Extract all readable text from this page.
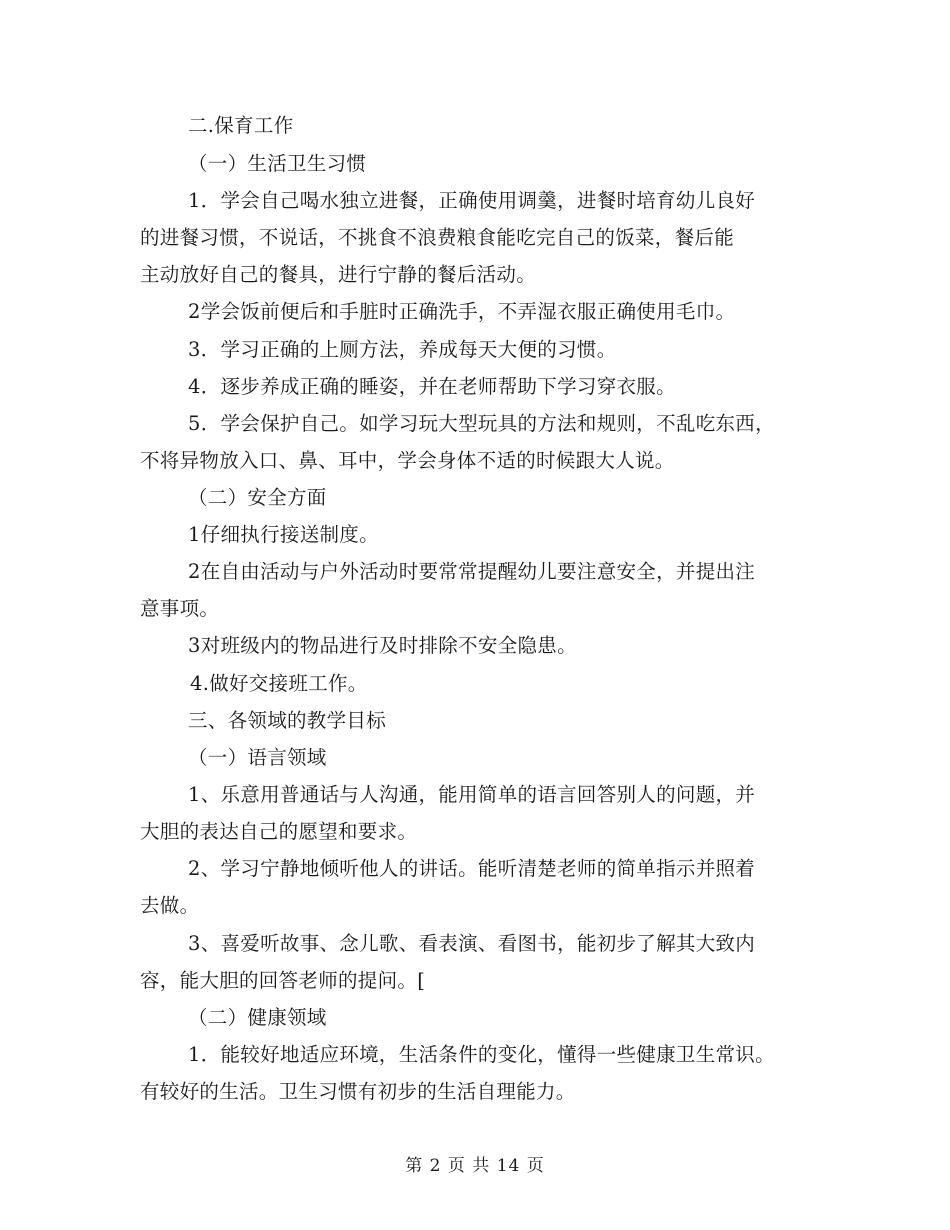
二.保育工作
（一）生活卫生习惯
1．学会自己喝水独立进餐，正确使用调羹，进餐时培育幼儿良好
的进餐习惯，不说话，不挑食不浪费粮食能吃完自己的饭菜，餐后能
主动放好自己的餐具，进行宁静的餐后活动。
2学会饭前便后和手脏时正确洗手，不弄湿衣服正确使用毛巾。
3．学习正确的上厕方法，养成每天大便的习惯。
4．逐步养成正确的睡姿，并在老师帮助下学习穿衣服。
5．学会保护自己。如学习玩大型玩具的方法和规则，不乱吃东西，
不将异物放入口、鼻、耳中，学会身体不适的时候跟大人说。
（二）安全方面
1仔细执行接送制度。
2在自由活动与户外活动时要常常提醒幼儿要注意安全，并提出注
意事项。
3对班级内的物品进行及时排除不安全隐患。
4.做好交接班工作。
三、各领域的教学目标
（一）语言领域
1、乐意用普通话与人沟通，能用简单的语言回答别人的问题，并
大胆的表达自己的愿望和要求。
2、学习宁静地倾听他人的讲话。能听清楚老师的简单指示并照着
去做。
3、喜爱听故事、念儿歌、看表演、看图书，能初步了解其大致内
容，能大胆的回答老师的提问。[
（二）健康领域
1．能较好地适应环境，生活条件的变化，懂得一些健康卫生常识。
有较好的生活。卫生习惯有初步的生活自理能力。
第 2 页 共 14 页
